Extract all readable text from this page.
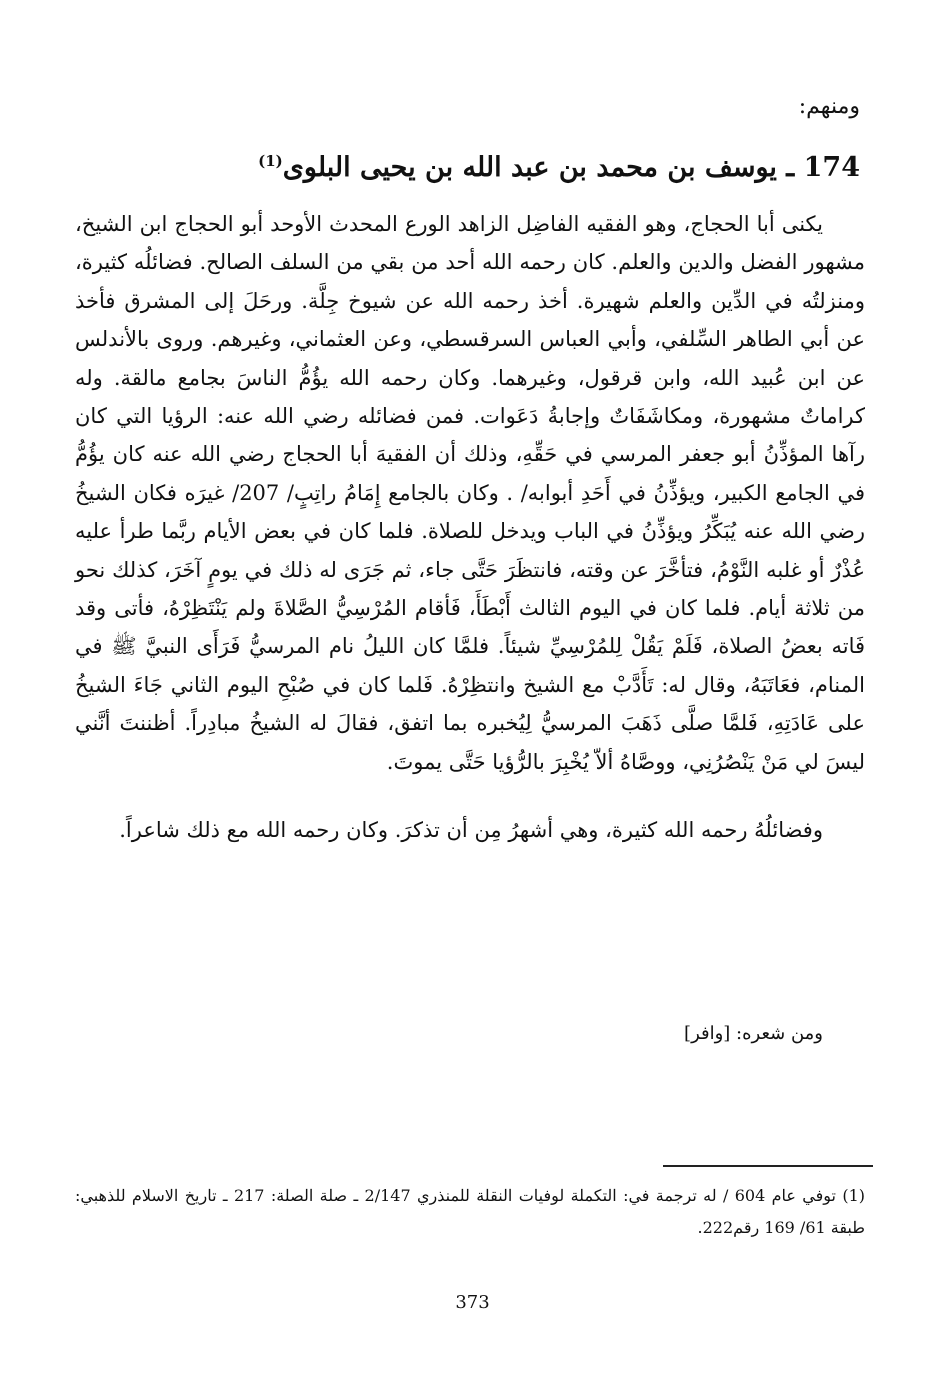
ومنهم:
174 ـ يوسف بن محمد بن عبد الله بن يحيى البلوى$^{(1)}$

يكنى أبا الحجاج، وهو الفقيه الفاضِل الزاهد الورع المحدث الأوحد أبو الحجاج ابن الشيخ، مشهور الفضل والدين والعلم. كان رحمه الله أحد من بقي من السلف الصالح. فضائلُه كثيرة، ومنزلتُه في الدِّين والعلم شهيرة. أخذ رحمه الله عن شيوخ جِلَّة. ورحَلَ إلى المشرق فأخذ عن أبي الطاهر السِّلفي، وأبي العباس السرقسطي، وعن العثماني، وغيرهم. وروى بالأندلس عن ابن عُبيد الله، وابن قرقول، وغيرهما. وكان رحمه الله يؤُمُّ الناسَ بجامع مالقة. وله كراماتٌ مشهورة، ومكاشَفَاتٌ وإجابةُ دَعَوات. فمن فضائله رضي الله عنه: الرؤيا التي كان رآها المؤذِّنُ أبو جعفر المرسي في حَقِّهِ، وذلك أن الفقيهَ أبا الحجاج رضي الله عنه كان يؤُمُّ في الجامع الكبير، ويؤذِّنُ في أَحَدِ أبوابه/ . وكان بالجامع إِمَامُ راتِبٍ/ 207/ غيرَه فكان الشيخُ رضي الله عنه يُبَكِّرُ ويؤذِّنُ في الباب ويدخل للصلاة. فلما كان في بعض الأيام ربَّما طرأ عليه عُذْرٌ أو غلبه النَّوْمُ، فتأخَّرَ عن وقته، فانتظَرَ حَتَّى جاء، ثم جَرَى له ذلك في يومٍ آخَرَ، كذلك نحو من ثلاثة أيام. فلما كان في اليوم الثالث أَبْطَأَ، فَأقام المُرْسِيُّ الصَّلاةَ ولم يَنْتَظِرْهُ، فأتى وقد فَاته بعضُ الصلاة، فَلَمْ يَقُلْ لِلمُرْسِيِّ شيئاً. فلمَّا كان الليلُ نام المرسيُّ فَرَأَى النبيَّ ﷺ في المنام، فعَاتَبَهُ، وقال له: تَأَدَّبْ مع الشيخ وانتظِرْهُ. فَلما كان في صُبْحِ اليوم الثاني جَاءَ الشيخُ على عَادَتِهِ، فَلمَّا صلَّى ذَهَبَ المرسيُّ لِيُخبره بما اتفق، فقالَ له الشيخُ مبادِراً. أظننتَ أنَّني ليسَ لي مَنْ يَنْصُرُنِي، ووصَّاهُ ألاّ يُخْبِرَ بالرُّؤيا حَتَّى يموتَ.

وفضائلُهُ رحمه الله كثيرة، وهي أشهرُ مِن أن تذكرَ. وكان رحمه الله مع ذلك شاعراً.

ومن شعره: [وافر]
(1) توفي عام 604 / له ترجمة في: التكملة لوفيات النقلة للمنذري 2/147 ـ صلة الصلة: 217 ـ تاريخ الاسلام للذهبي: طبقة 61/ 169 رقم222.
373
